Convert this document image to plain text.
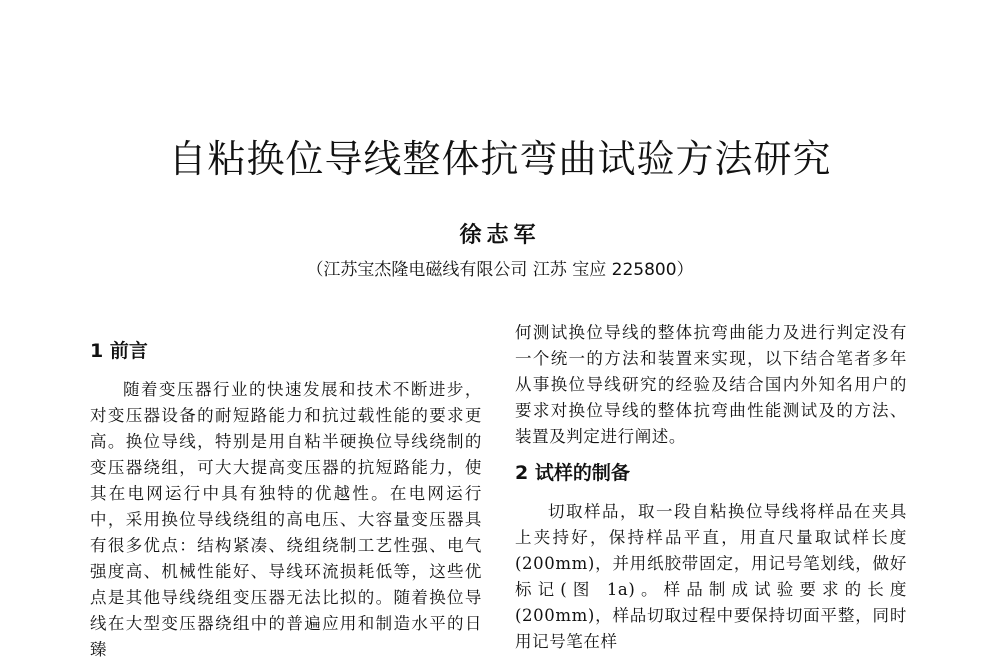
自粘换位导线整体抗弯曲试验方法研究
徐志军
（江苏宝杰隆电磁线有限公司 江苏 宝应 225800）
1 前言

随着变压器行业的快速发展和技术不断进步，对变压器设备的耐短路能力和抗过载性能的要求更高。换位导线，特别是用自粘半硬换位导线绕制的变压器绕组，可大大提高变压器的抗短路能力，使其在电网运行中具有独特的优越性。在电网运行中，采用换位导线绕组的高电压、大容量变压器具有很多优点：结构紧凑、绕组绕制工艺性强、电气强度高、机械性能好、导线环流损耗低等，这些优点是其他导线绕组变压器无法比拟的。随着换位导线在大型变压器绕组中的普遍应用和制造水平的日臻

何测试换位导线的整体抗弯曲能力及进行判定没有一个统一的方法和装置来实现，以下结合笔者多年从事换位导线研究的经验及结合国内外知名用户的要求对换位导线的整体抗弯曲性能测试及的方法、装置及判定进行阐述。

2 试样的制备

切取样品，取一段自粘换位导线将样品在夹具上夹持好，保持样品平直，用直尺量取试样长度(200mm)，并用纸胶带固定，用记号笔划线，做好标记(图 1a)。样品制成试验要求的长度(200mm)，样品切取过程中要保持切面平整，同时用记号笔在样
